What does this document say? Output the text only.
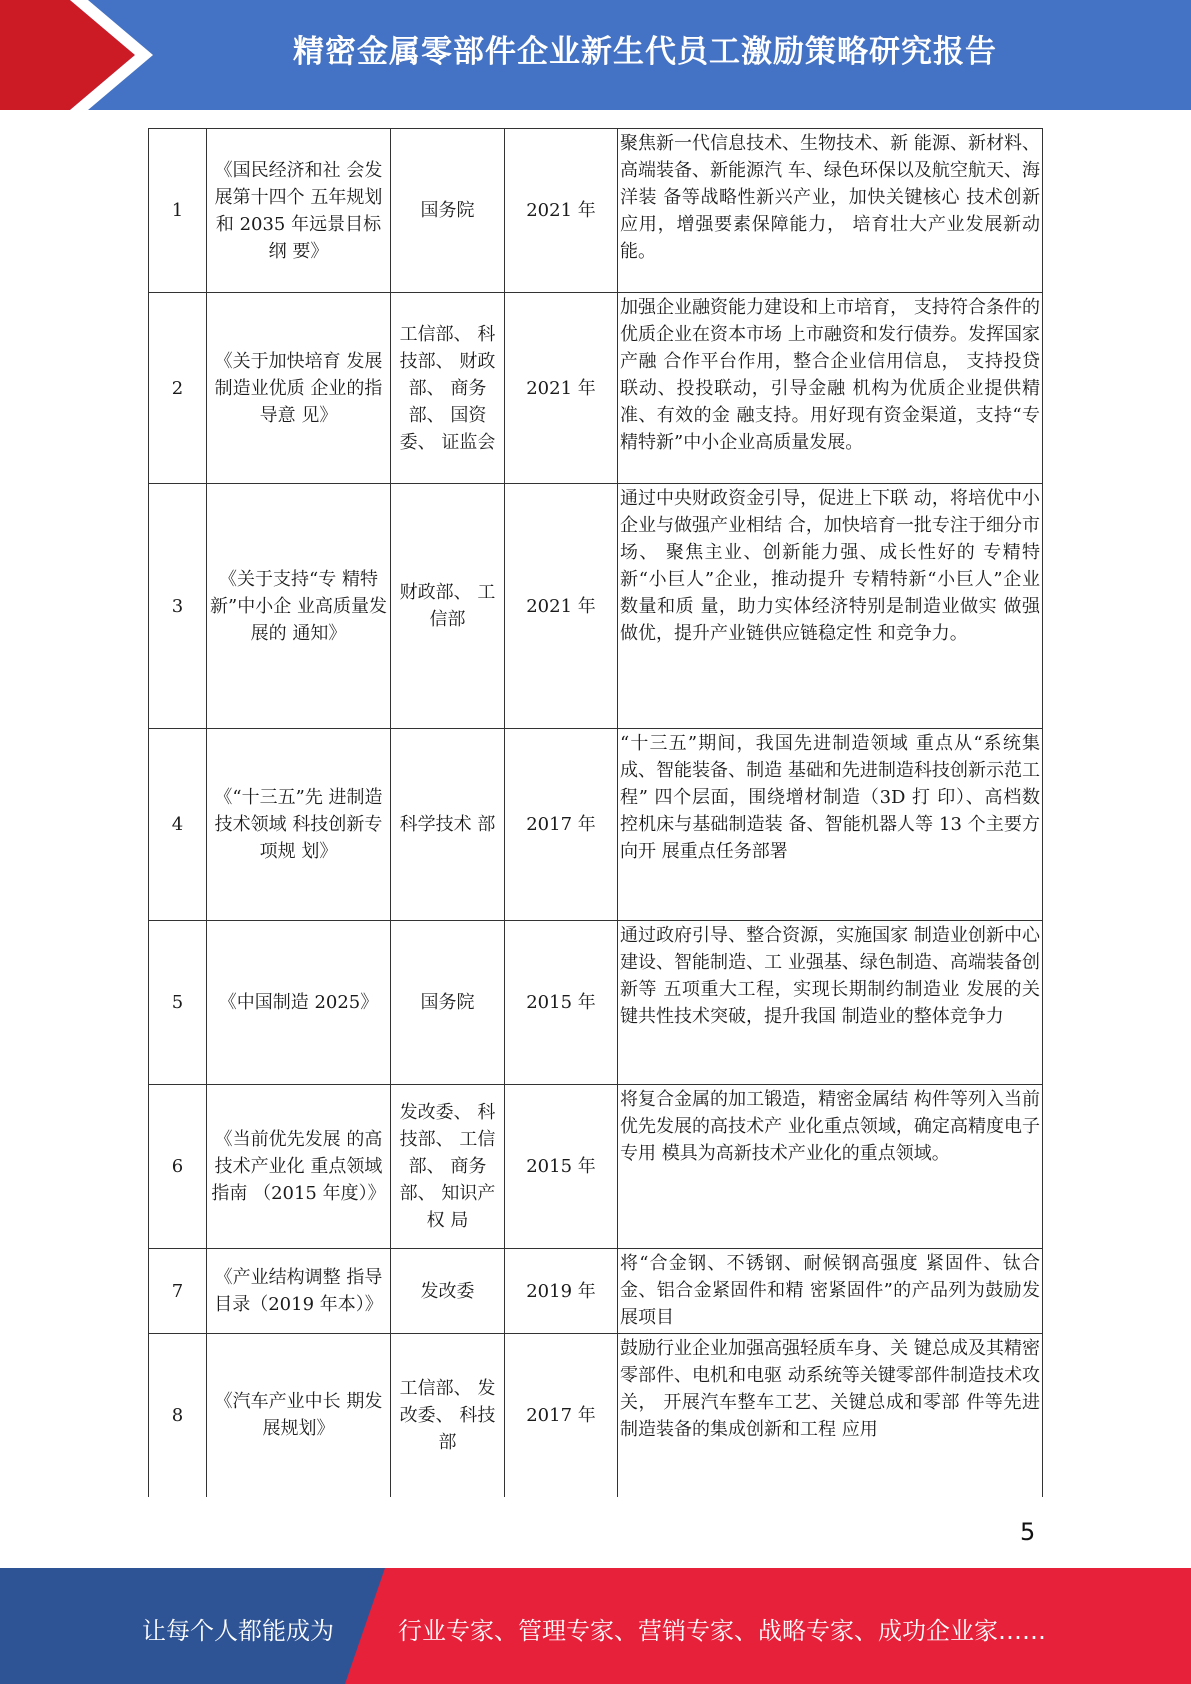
精密金属零部件企业新生代员工激励策略研究报告
1	《国民经济和社 会发展第十四个 五年规划和 2035 年远景目标纲 要》	国务院	2021 年	聚焦新一代信息技术、生物技术、新 能源、新材料、高端装备、新能源汽 车、绿色环保以及航空航天、海洋装 备等战略性新兴产业，加快关键核心 技术创新应用，增强要素保障能力， 培育壮大产业发展新动能。
2	《关于加快培育 发展制造业优质 企业的指导意 见》	工信部、 科技部、 财政部、 商务部、 国资委、 证监会	2021 年	加强企业融资能力建设和上市培育， 支持符合条件的优质企业在资本市场 上市融资和发行债券。发挥国家产融 合作平台作用，整合企业信用信息， 支持投贷联动、投投联动，引导金融 机构为优质企业提供精准、有效的金 融支持。用好现有资金渠道，支持“专精特新”中小企业高质量发展。
3	《关于支持“专 精特新”中小企 业高质量发展的 通知》	财政部、 工信部	2021 年	通过中央财政资金引导，促进上下联 动，将培优中小企业与做强产业相结 合，加快培育一批专注于细分市场、 聚焦主业、创新能力强、成长性好的 专精特新“小巨人”企业，推动提升 专精特新“小巨人”企业数量和质 量，助力实体经济特别是制造业做实 做强做优，提升产业链供应链稳定性 和竞争力。
4	《“十三五”先 进制造技术领域 科技创新专项规 划》	科学技术 部	2017 年	“十三五”期间，我国先进制造领域 重点从“系统集成、智能装备、制造 基础和先进制造科技创新示范工程” 四个层面，围绕增材制造（3D 打 印）、高档数控机床与基础制造装 备、智能机器人等 13 个主要方向开 展重点任务部署
5	《中国制造 2025》	国务院	2015 年	通过政府引导、整合资源，实施国家 制造业创新中心建设、智能制造、工 业强基、绿色制造、高端装备创新等 五项重大工程，实现长期制约制造业 发展的关键共性技术突破，提升我国 制造业的整体竞争力
6	《当前优先发展 的高技术产业化 重点领域指南 （2015 年度）》	发改委、 科技部、 工信部、 商务部、 知识产权 局	2015 年	将复合金属的加工锻造，精密金属结 构件等列入当前优先发展的高技术产 业化重点领域，确定高精度电子专用 模具为高新技术产业化的重点领域。
7	《产业结构调整 指导目录（2019 年本）》	发改委	2019 年	将“合金钢、不锈钢、耐候钢高强度 紧固件、钛合金、铝合金紧固件和精 密紧固件”的产品列为鼓励发展项目
8	《汽车产业中长 期发展规划》	工信部、 发改委、 科技部	2017 年	鼓励行业企业加强高强轻质车身、关 键总成及其精密零部件、电机和电驱 动系统等关键零部件制造技术攻关， 开展汽车整车工艺、关键总成和零部 件等先进制造装备的集成创新和工程 应用
5
让每个人都能成为	行业专家、管理专家、营销专家、战略专家、成功企业家……
